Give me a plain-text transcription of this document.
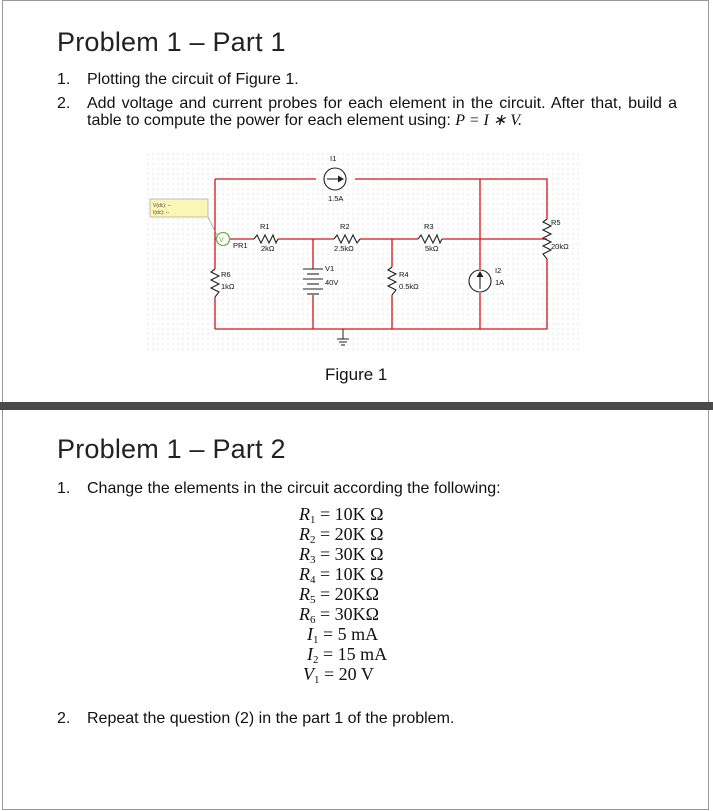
Problem 1 – Part 1
1. Plotting the circuit of Figure 1.
2. Add voltage and current probes for each element in the circuit. After that, build a table to compute the power for each element using: P = I ∗ V.
I1
1.5A
V(dc): --
I(dc): --
V
PR1
R1
2kΩ
R2
2.5kΩ
R3
5kΩ
R5
20kΩ
R6
1kΩ
V1
40V
R4
0.5kΩ
I2
1A
Figure 1
Problem 1 – Part 2
1. Change the elements in the circuit according the following:
$R_1 = 10K$ Ω
$R_2 = 20K$ Ω
$R_3 = 30K$ Ω
$R_4 = 10K$ Ω
$R_5 = 20K\Omega$
$R_6 = 30K\Omega$
$I_1 = 5$ mA
$I_2 = 15$ mA
$V_1 = 20$ V
2. Repeat the question (2) in the part 1 of the problem.
